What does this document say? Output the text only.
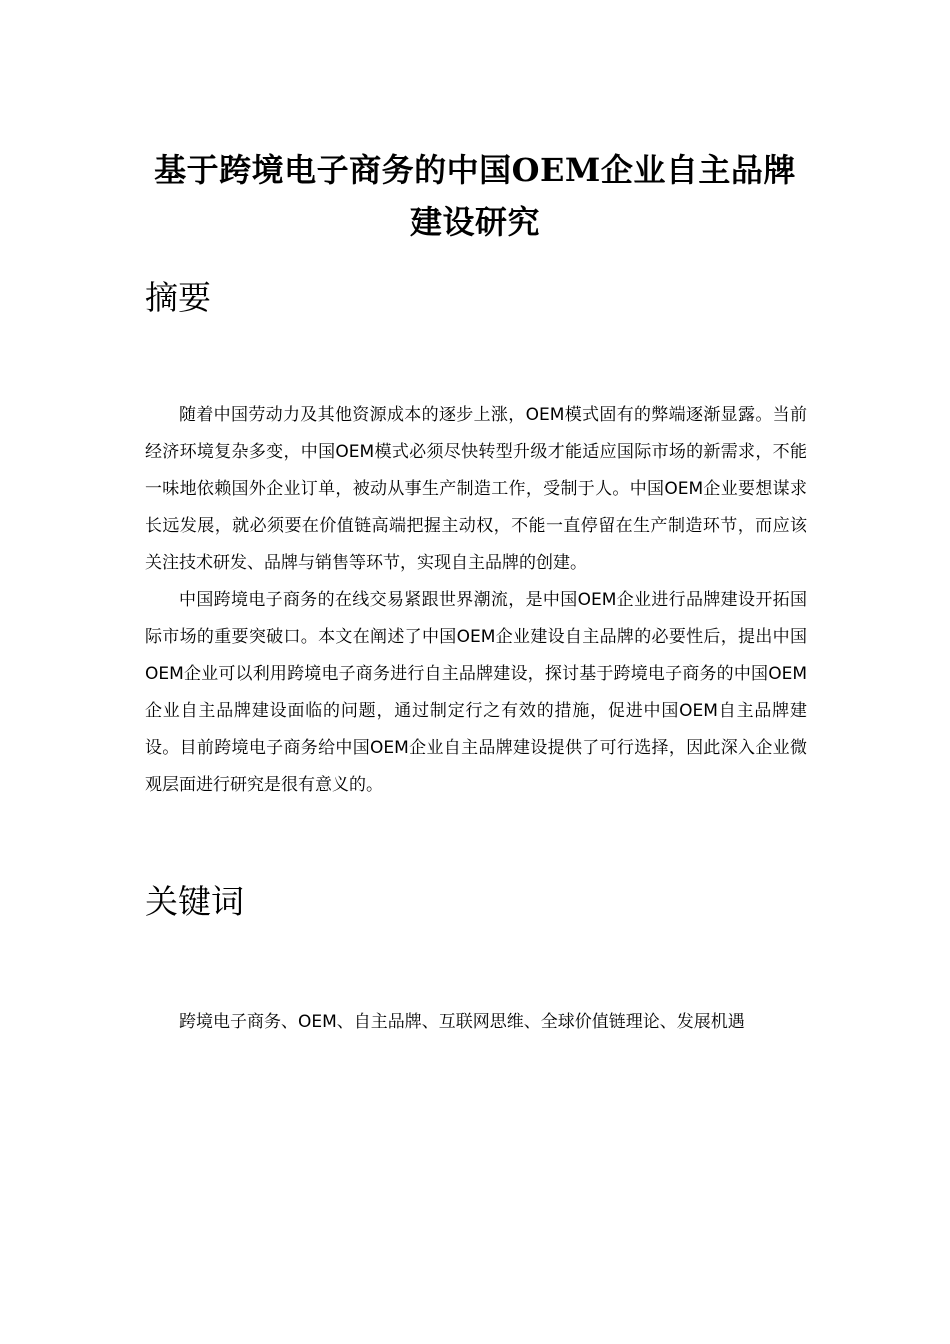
基于跨境电子商务的中国OEM企业自主品牌建设研究
摘要

随着中国劳动力及其他资源成本的逐步上涨，OEM模式固有的弊端逐渐显露。当前经济环境复杂多变，中国OEM模式必须尽快转型升级才能适应国际市场的新需求，不能一味地依赖国外企业订单，被动从事生产制造工作，受制于人。中国OEM企业要想谋求长远发展，就必须要在价值链高端把握主动权，不能一直停留在生产制造环节，而应该关注技术研发、品牌与销售等环节，实现自主品牌的创建。

中国跨境电子商务的在线交易紧跟世界潮流，是中国OEM企业进行品牌建设开拓国际市场的重要突破口。本文在阐述了中国OEM企业建设自主品牌的必要性后，提出中国OEM企业可以利用跨境电子商务进行自主品牌建设，探讨基于跨境电子商务的中国OEM企业自主品牌建设面临的问题，通过制定行之有效的措施，促进中国OEM自主品牌建设。目前跨境电子商务给中国OEM企业自主品牌建设提供了可行选择，因此深入企业微观层面进行研究是很有意义的。

关键词

跨境电子商务、OEM、自主品牌、互联网思维、全球价值链理论、发展机遇
